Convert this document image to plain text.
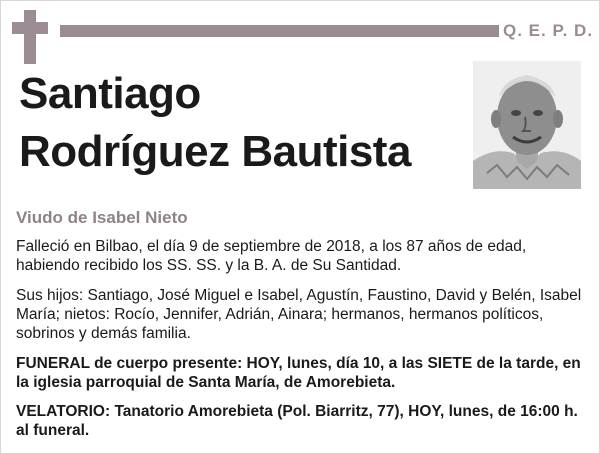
Q. E. P. D.
Santiago
Rodríguez Bautista
Viudo de Isabel Nieto

Falleció en Bilbao, el día 9 de septiembre de 2018, a los 87 años de edad, habiendo recibido los SS. SS. y la B. A. de Su Santidad.

Sus hijos: Santiago, José Miguel e Isabel, Agustín, Faustino, David y Belén, Isabel María; nietos: Rocío, Jennifer, Adrián, Ainara; hermanos, hermanos políticos, sobrinos y demás familia.

FUNERAL de cuerpo presente: HOY, lunes, día 10, a las SIETE de la tarde, en la iglesia parroquial de Santa María, de Amorebieta.

VELATORIO: Tanatorio Amorebieta (Pol. Biarritz, 77), HOY, lunes, de 16:00 h. al funeral.
